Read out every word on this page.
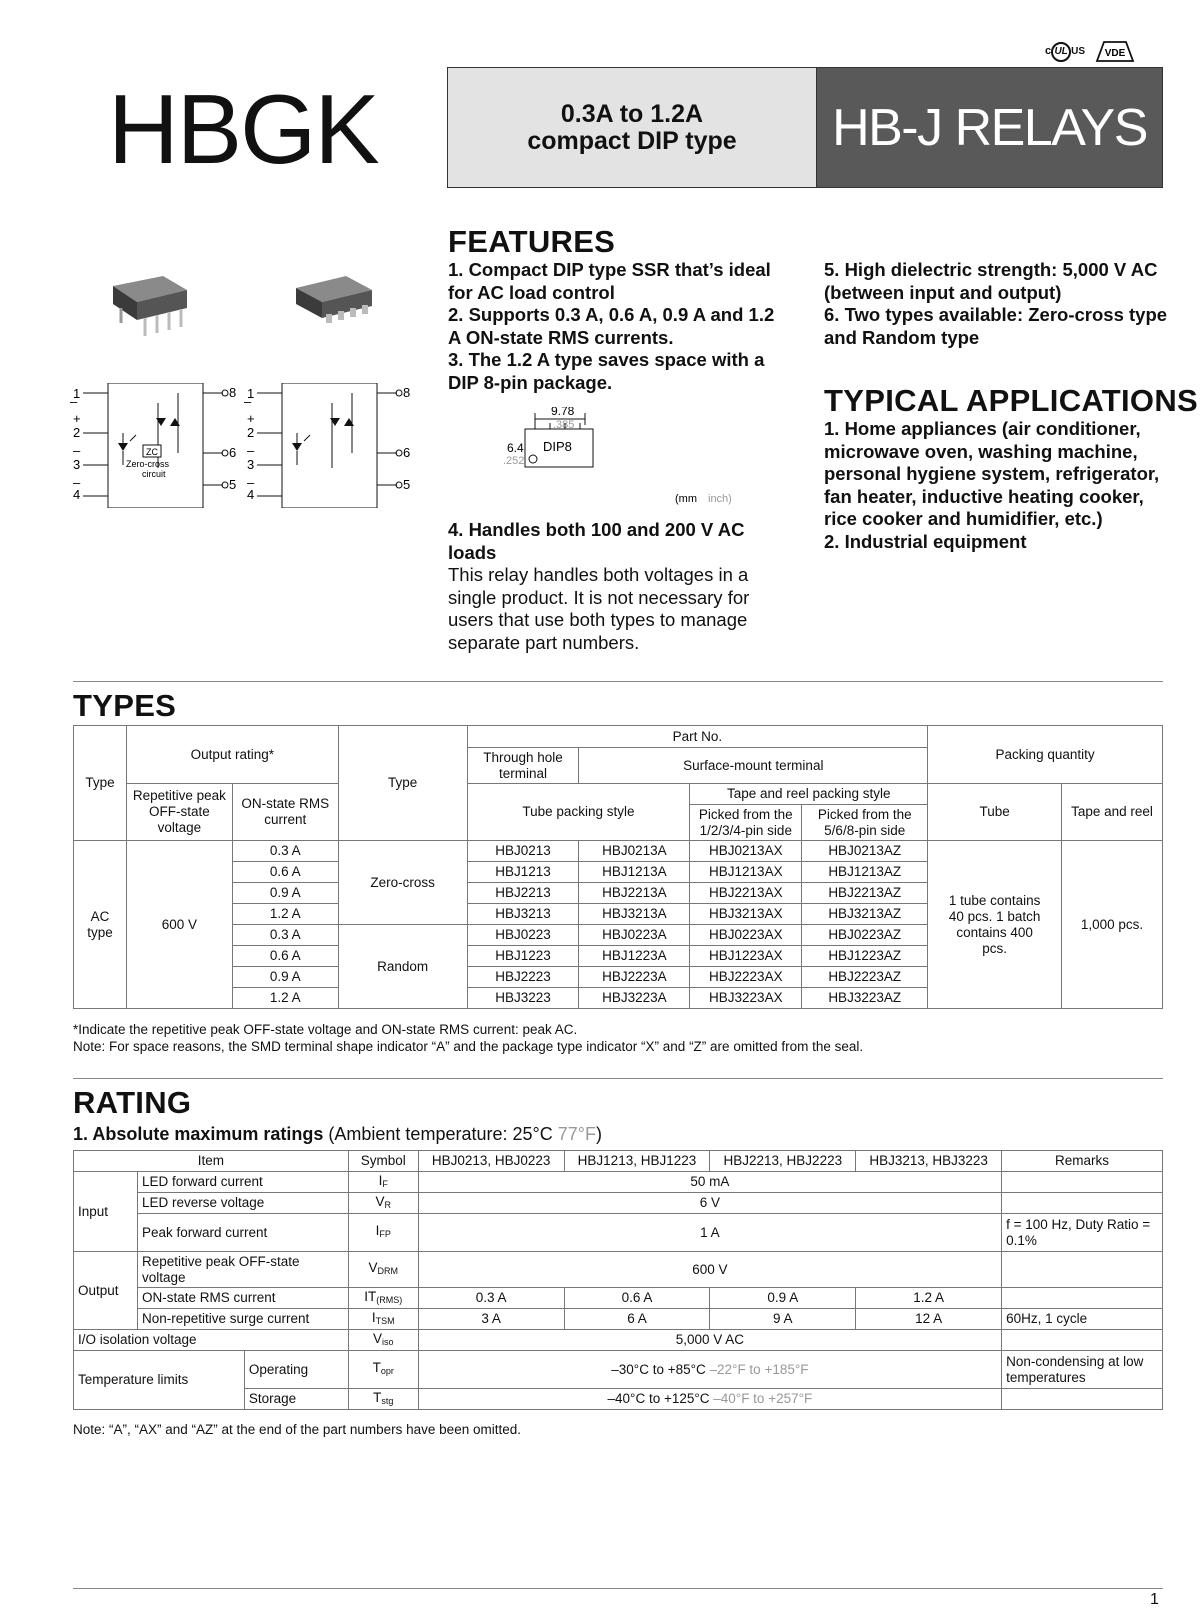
HBGK
c UL US VDE
0.3A to 1.2A
compact DIP type HB-J RELAYS
–
1
+
2
–
3
–
4
ZC
Zero-cross
circuit
8
6
5
–
1
+
2
–
3
–
4
8
6
5
FEATURES
1. Compact DIP type SSR that’s ideal for AC load control
2. Supports 0.3 A, 0.6 A, 0.9 A and 1.2 A ON-state RMS currents.
3. The 1.2 A type saves space with a DIP 8-pin package.
9.78
.385
DIP8
6.4
.252
(mm inch)
4. Handles both 100 and 200 V AC loads
This relay handles both voltages in a single product. It is not necessary for users that use both types to manage separate part numbers.
5. High dielectric strength: 5,000 V AC (between input and output)
6. Two types available: Zero-cross type and Random type
TYPICAL APPLICATIONS
1. Home appliances (air conditioner, microwave oven, washing machine, personal hygiene system, refrigerator, fan heater, inductive heating cooker, rice cooker and humidifier, etc.)
2. Industrial equipment
TYPES
Type	Output rating*		Type	Part No.				Packing quantity	
				Through hole terminal	Surface-mount terminal				
	Repetitive peak OFF-state voltage	ON-state RMS current		Tube packing style		Tape and reel packing style		Tube	Tape and reel
						Picked from the 1/2/3/4-pin side	Picked from the 5/6/8-pin side		
AC type	600 V	0.3 A	Zero-cross	HBJ0213	HBJ0213A	HBJ0213AX	HBJ0213AZ	1 tube contains 40 pcs. 1 batch contains 400 pcs.	1,000 pcs.
		0.6 A		HBJ1213	HBJ1213A	HBJ1213AX	HBJ1213AZ		
		0.9 A		HBJ2213	HBJ2213A	HBJ2213AX	HBJ2213AZ		
		1.2 A		HBJ3213	HBJ3213A	HBJ3213AX	HBJ3213AZ		
		0.3 A	Random	HBJ0223	HBJ0223A	HBJ0223AX	HBJ0223AZ		
		0.6 A		HBJ1223	HBJ1223A	HBJ1223AX	HBJ1223AZ		
		0.9 A		HBJ2223	HBJ2223A	HBJ2223AX	HBJ2223AZ		
		1.2 A		HBJ3223	HBJ3223A	HBJ3223AX	HBJ3223AZ		
*Indicate the repetitive peak OFF-state voltage and ON-state RMS current: peak AC.
Note: For space reasons, the SMD terminal shape indicator “A” and the package type indicator “X” and “Z” are omitted from the seal.
RATING
1. Absolute maximum ratings (Ambient temperature: 25°C 77°F)
Item			Symbol	HBJ0213, HBJ0223	HBJ1213, HBJ1223	HBJ2213, HBJ2223	HBJ3213, HBJ3223	Remarks
Input	LED forward current		$I_F$	50 mA				
	LED reverse voltage		$V_R$	6 V				
	Peak forward current		$I_{FP}$	1 A				f = 100 Hz, Duty Ratio = 0.1%
Output	Repetitive peak OFF-state voltage		$V_{DRM}$	600 V				
	ON-state RMS current		$IT_{(RMS)}$	0.3 A	0.6 A	0.9 A	1.2 A	
	Non-repetitive surge current		$I_{TSM}$	3 A	6 A	9 A	12 A	60Hz, 1 cycle
I/O isolation voltage			$V_{iso}$	5,000 V AC				
Temperature limits		Operating	$T_{opr}$	–30°C to +85°C –22°F to +185°F				Non-condensing at low temperatures
		Storage	$T_{stg}$	–40°C to +125°C –40°F to +257°F				
Note: “A”, “AX” and “AZ” at the end of the part numbers have been omitted.
1
